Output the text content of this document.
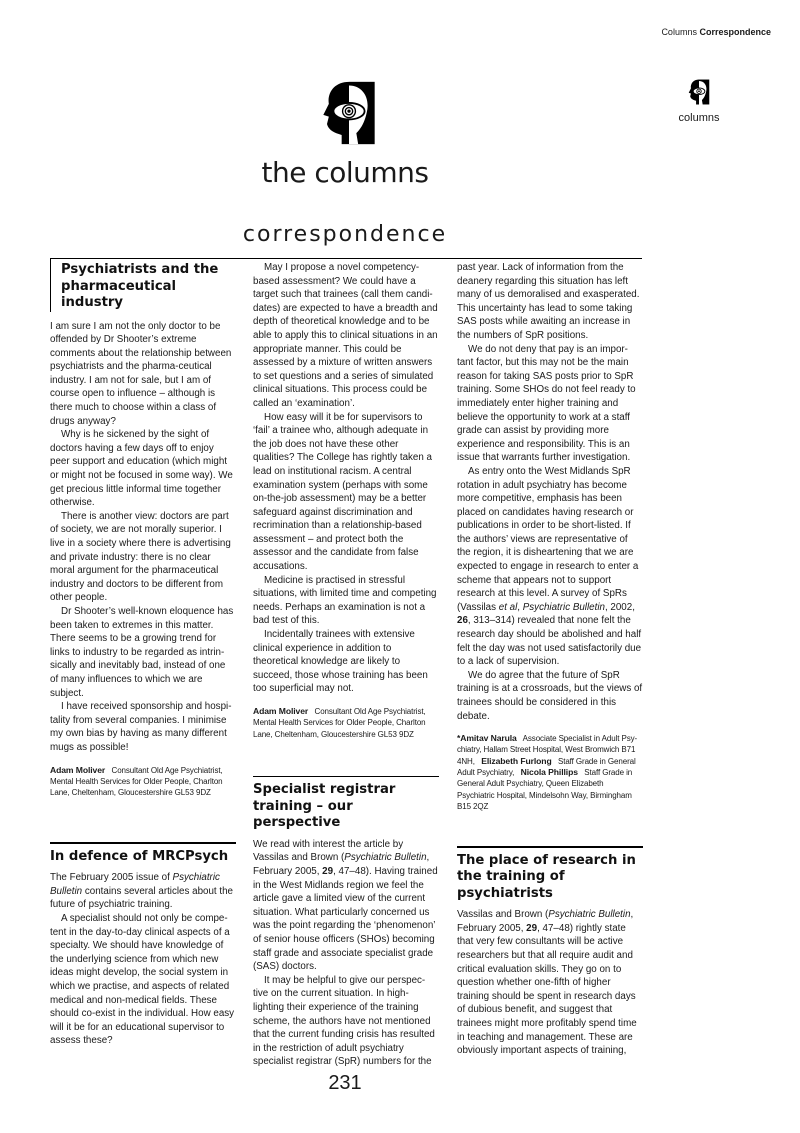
Columns Correspondence
columns
the columns
correspondence
Psychiatrists and the pharmaceutical industry

I am sure I am not the only doctor to be offended by Dr Shooter’s extreme comments about the relationship between psychiatrists and the pharma-ceutical industry. I am not for sale, but I am of course open to influence – although is there much to choose within a class of drugs anyway?

Why is he sickened by the sight of doctors having a few days off to enjoy peer support and education (which might or might not be focused in some way). We get precious little informal time together otherwise.

There is another view: doctors are part of society, we are not morally superior. I live in a society where there is advertising and private industry: there is no clear moral argument for the pharmaceutical industry and doctors to be different from other people.

Dr Shooter’s well-known eloquence has been taken to extremes in this matter. There seems to be a growing trend for links to industry to be regarded as intrin-sically and inevitably bad, instead of one of many influences to which we are subject.

I have received sponsorship and hospi-tality from several companies. I minimise my own bias by having as many different mugs as possible!

Adam Moliver   Consultant Old Age Psychiatrist, Mental Health Services for Older People, Charlton Lane, Cheltenham, Gloucestershire GL53 9DZ
In defence of MRCPsych

The February 2005 issue of Psychiatric Bulletin contains several articles about the future of psychiatric training.

A specialist should not only be compe-tent in the day-to-day clinical aspects of a specialty. We should have knowledge of the underlying science from which new ideas might develop, the social system in which we practise, and aspects of related medical and non-medical fields. These should co-exist in the individual. How easy will it be for an educational supervisor to assess these?

May I propose a novel competency-based assessment? We could have a target such that trainees (call them candi-dates) are expected to have a breadth and depth of theoretical knowledge and to be able to apply this to clinical situations in an appropriate manner. This could be assessed by a mixture of written answers to set questions and a series of simulated clinical situations. This process could be called an ‘examination’.

How easy will it be for supervisors to ‘fail’ a trainee who, although adequate in the job does not have these other qualities? The College has rightly taken a lead on institutional racism. A central examination system (perhaps with some on-the-job assessment) may be a better safeguard against discrimination and recrimination than a relationship-based assessment – and protect both the assessor and the candidate from false accusations.

Medicine is practised in stressful situations, with limited time and competing needs. Perhaps an examination is not a bad test of this.

Incidentally trainees with extensive clinical experience in addition to theoretical knowledge are likely to succeed, those whose training has been too superficial may not.

Adam Moliver   Consultant Old Age Psychiatrist, Mental Health Services for Older People, Charlton Lane, Cheltenham, Gloucestershire GL53 9DZ
Specialist registrar training – our perspective

We read with interest the article by Vassilas and Brown (Psychiatric Bulletin, February 2005, 29, 47–48). Having trained in the West Midlands region we feel the article gave a limited view of the current situation. What particularly concerned us was the point regarding the ‘phenomenon’ of senior house officers (SHOs) becoming staff grade and associate specialist grade (SAS) doctors.

It may be helpful to give our perspec-tive on the current situation. In high-lighting their experience of the training scheme, the authors have not mentioned that the current funding crisis has resulted in the restriction of adult psychiatry specialist registrar (SpR) numbers for the

past year. Lack of information from the deanery regarding this situation has left many of us demoralised and exasperated. This uncertainty has lead to some taking SAS posts while awaiting an increase in the numbers of SpR positions.

We do not deny that pay is an impor-tant factor, but this may not be the main reason for taking SAS posts prior to SpR training. Some SHOs do not feel ready to immediately enter higher training and believe the opportunity to work at a staff grade can assist by providing more experience and responsibility. This is an issue that warrants further investigation.

As entry onto the West Midlands SpR rotation in adult psychiatry has become more competitive, emphasis has been placed on candidates having research or publications in order to be short-listed. If the authors’ views are representative of the region, it is disheartening that we are expected to engage in research to enter a scheme that appears not to support research at this level. A survey of SpRs (Vassilas et al, Psychiatric Bulletin, 2002, 26, 313–314) revealed that none felt the research day should be abolished and half felt the day was not used satisfactorily due to a lack of supervision.

We do agree that the future of SpR training is at a crossroads, but the views of trainees should be considered in this debate.

*Amitav Narula   Associate Specialist in Adult Psy-chiatry, Hallam Street Hospital, West Bromwich B71 4NH,   Elizabeth Furlong   Staff Grade in General Adult Psychiatry,   Nicola Phillips   Staff Grade in General Adult Psychiatry, Queen Elizabeth Psychiatric Hospital, Mindelsohn Way, Birmingham B15 2QZ
The place of research in the training of psychiatrists

Vassilas and Brown (Psychiatric Bulletin, February 2005, 29, 47–48) rightly state that very few consultants will be active researchers but that all require audit and critical evaluation skills. They go on to question whether one-fifth of higher training should be spent in research days of dubious benefit, and suggest that trainees might more profitably spend time in teaching and management. These are obviously important aspects of training,

231
